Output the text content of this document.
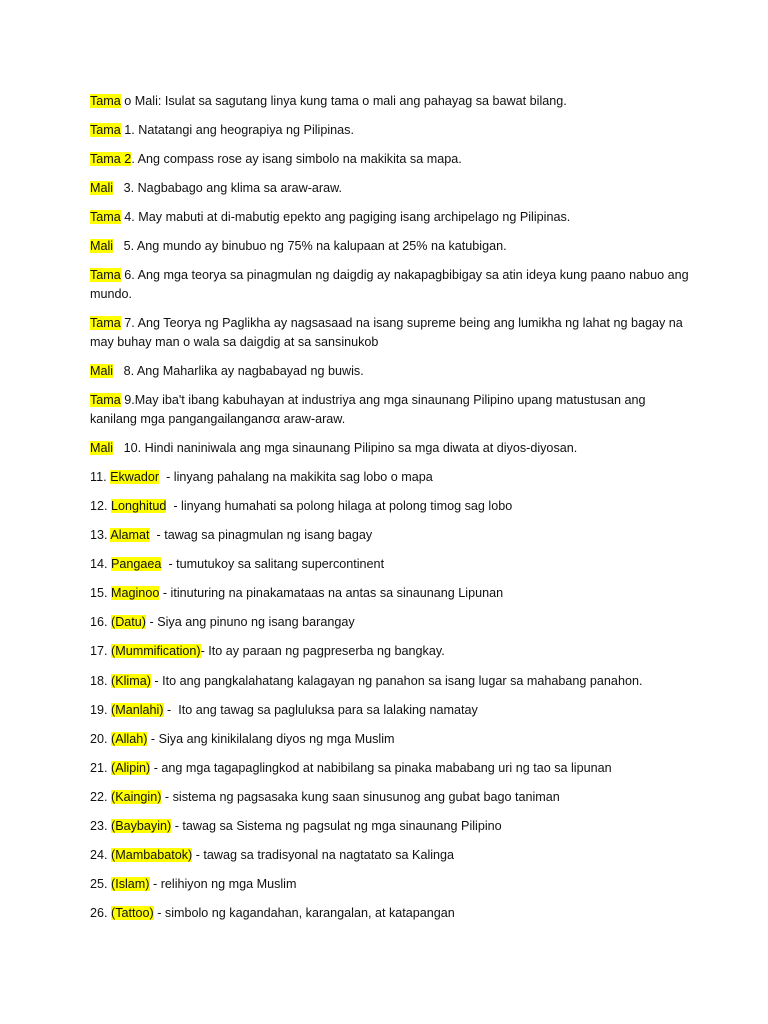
Tama o Mali: Isulat sa sagutang linya kung tama o mali ang pahayag sa bawat bilang.
Tama 1. Natatangi ang heograpiya ng Pilipinas.
Tama 2. Ang compass rose ay isang simbolo na makikita sa mapa.
Mali   3. Nagbabago ang klima sa araw-araw.
Tama 4. May mabuti at di-mabutig epekto ang pagiging isang archipelago ng Pilipinas.
Mali   5. Ang mundo ay binubuo ng 75% na kalupaan at 25% na katubigan.
Tama 6. Ang mga teorya sa pinagmulan ng daigdig ay nakapagbibigay sa atin ideya kung paano nabuo ang mundo.
Tama 7. Ang Teorya ng Paglikha ay nagsasaad na isang supreme being ang lumikha ng lahat ng bagay na may buhay man o wala sa daigdig at sa sansinukob
Mali   8. Ang Maharlika ay nagbabayad ng buwis.
Tama 9.May iba't ibang kabuhayan at industriya ang mga sinaunang Pilipino upang matustusan ang kanilang mga pangangailanganσα araw-araw.
Mali   10. Hindi naniniwala ang mga sinaunang Pilipino sa mga diwata at diyos-diyosan.
11. Ekwador  - linyang pahalang na makikita sag lobo o mapa
12. Longhitud  - linyang humahati sa polong hilaga at polong timog sag lobo
13. Alamat  - tawag sa pinagmulan ng isang bagay
14. Pangaea  - tumutukoy sa salitang supercontinent
15. Maginoo - itinuturing na pinakamataas na antas sa sinaunang Lipunan
16. (Datu) - Siya ang pinuno ng isang barangay
17. (Mummification)- Ito ay paraan ng pagpreserba ng bangkay.
18. (Klima) - Ito ang pangkalahatang kalagayan ng panahon sa isang lugar sa mahabang panahon.
19. (Manlahi) -  Ito ang tawag sa pagluluksa para sa lalaking namatay
20. (Allah) - Siya ang kinikilalang diyos ng mga Muslim
21. (Alipin) - ang mga tagapaglingkod at nabibilang sa pinaka mababang uri ng tao sa lipunan
22. (Kaingin) - sistema ng pagsasaka kung saan sinusunog ang gubat bago taniman
23. (Baybayin) - tawag sa Sistema ng pagsulat ng mga sinaunang Pilipino
24. (Mambabatok) - tawag sa tradisyonal na nagtatato sa Kalinga
25. (Islam) - relihiyon ng mga Muslim
26. (Tattoo) - simbolo ng kagandahan, karangalan, at katapangan
